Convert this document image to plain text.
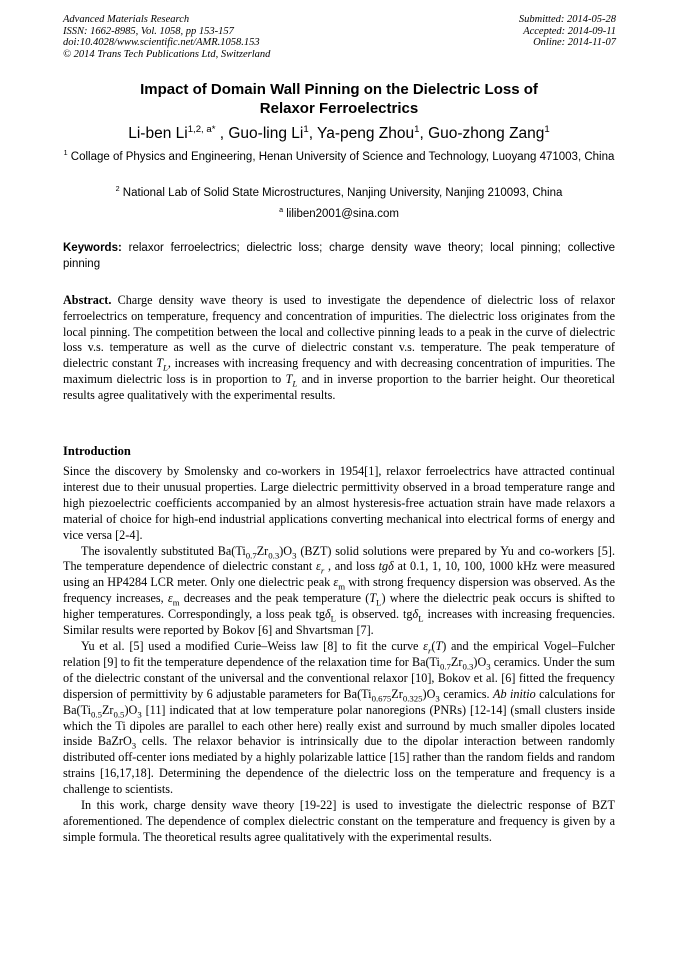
Advanced Materials Research
ISSN: 1662-8985, Vol. 1058, pp 153-157
doi:10.4028/www.scientific.net/AMR.1058.153
© 2014 Trans Tech Publications Ltd, Switzerland
Submitted: 2014-05-28
Accepted: 2014-09-11
Online: 2014-11-07
Impact of Domain Wall Pinning on the Dielectric Loss of
Relaxor Ferroelectrics
Li-ben $Li^{1,2, a*}$ , Guo-ling Li$^1$, Ya-peng Zhou$^1$, Guo-zhong Zang$^1$
$^1$ Collage of Physics and Engineering, Henan University of Science and Technology, Luoyang 471003, China
$^2$ National Lab of Solid State Microstructures, Nanjing University, Nanjing 210093, China
$^a$ liliben2001@sina.com
Keywords: relaxor ferroelectrics; dielectric loss; charge density wave theory; local pinning; collective pinning
Abstract. Charge density wave theory is used to investigate the dependence of dielectric loss of relaxor ferroelectrics on temperature, frequency and concentration of impurities. The dielectric loss originates from the local pinning. The competition between the local and collective pinning leads to a peak in the curve of dielectric loss v.s. temperature as well as the curve of dielectric constant v.s. temperature. The peak temperature of dielectric constant $T_L$, increases with increasing frequency and with decreasing concentration of impurities. The maximum dielectric loss is in proportion to $T_L$ and in inverse proportion to the barrier height. Our theoretical results agree qualitatively with the experimental results.
Introduction

Since the discovery by Smolensky and co-workers in 1954[1], relaxor ferroelectrics have attracted continual interest due to their unusual properties. Large dielectric permittivity observed in a broad temperature range and high piezoelectric coefficients accompanied by an almost hysteresis-free actuation strain have made relaxors a material of choice for high-end industrial applications converting mechanical into electrical forms of energy and vice versa [2-4].

The isovalently substituted $Ba(Ti_{0.7}Zr_{0.3})O_3$ (BZT) solid solutions were prepared by Yu and co-workers [5]. The temperature dependence of dielectric constant $\varepsilon_r$ , and loss tgδ at 0.1, 1, 10, 100, 1000 kHz were measured using an HP4284 LCR meter. Only one dielectric peak $\varepsilon_m$ with strong frequency dispersion was observed. As the frequency increases, $\varepsilon_m$ decreases and the peak temperature $(T_L)$ where the dielectric peak occurs is shifted to higher temperatures. Correspondingly, a loss peak tgδ$_L$ is observed. tgδ$_L$ increases with increasing frequencies. Similar results were reported by Bokov [6] and Shvartsman [7].

Yu et al. [5] used a modified Curie–Weiss law [8] to fit the curve $\varepsilon_r(T)$ and the empirical Vogel–Fulcher relation [9] to fit the temperature dependence of the relaxation time for $Ba(Ti_{0.7}Zr_{0.3})O_3$ ceramics. Under the sum of the dielectric constant of the universal and the conventional relaxor [10], Bokov et al. [6] fitted the frequency dispersion of permittivity by 6 adjustable parameters for $Ba(Ti_{0.675}Zr_{0.325})O_3$ ceramics. Ab initio calculations for $Ba(Ti_{0.5}Zr_{0.5})O_3$ [11] indicated that at low temperature polar nanoregions (PNRs) [12-14] (small clusters inside which the Ti dipoles are parallel to each other here) really exist and surround by much smaller dipoles located inside BaZrO$_3$ cells. The relaxor behavior is intrinsically due to the dipolar interaction between randomly distributed off-center ions mediated by a highly polarizable lattice [15] rather than the random fields and random strains [16,17,18]. Determining the dependence of the dielectric loss on the temperature and frequency is a challenge to scientists.

In this work, charge density wave theory [19-22] is used to investigate the dielectric response of BZT aforementioned. The dependence of complex dielectric constant on the temperature and frequency is given by a simple formula. The theoretical results agree qualitatively with the experimental results.
